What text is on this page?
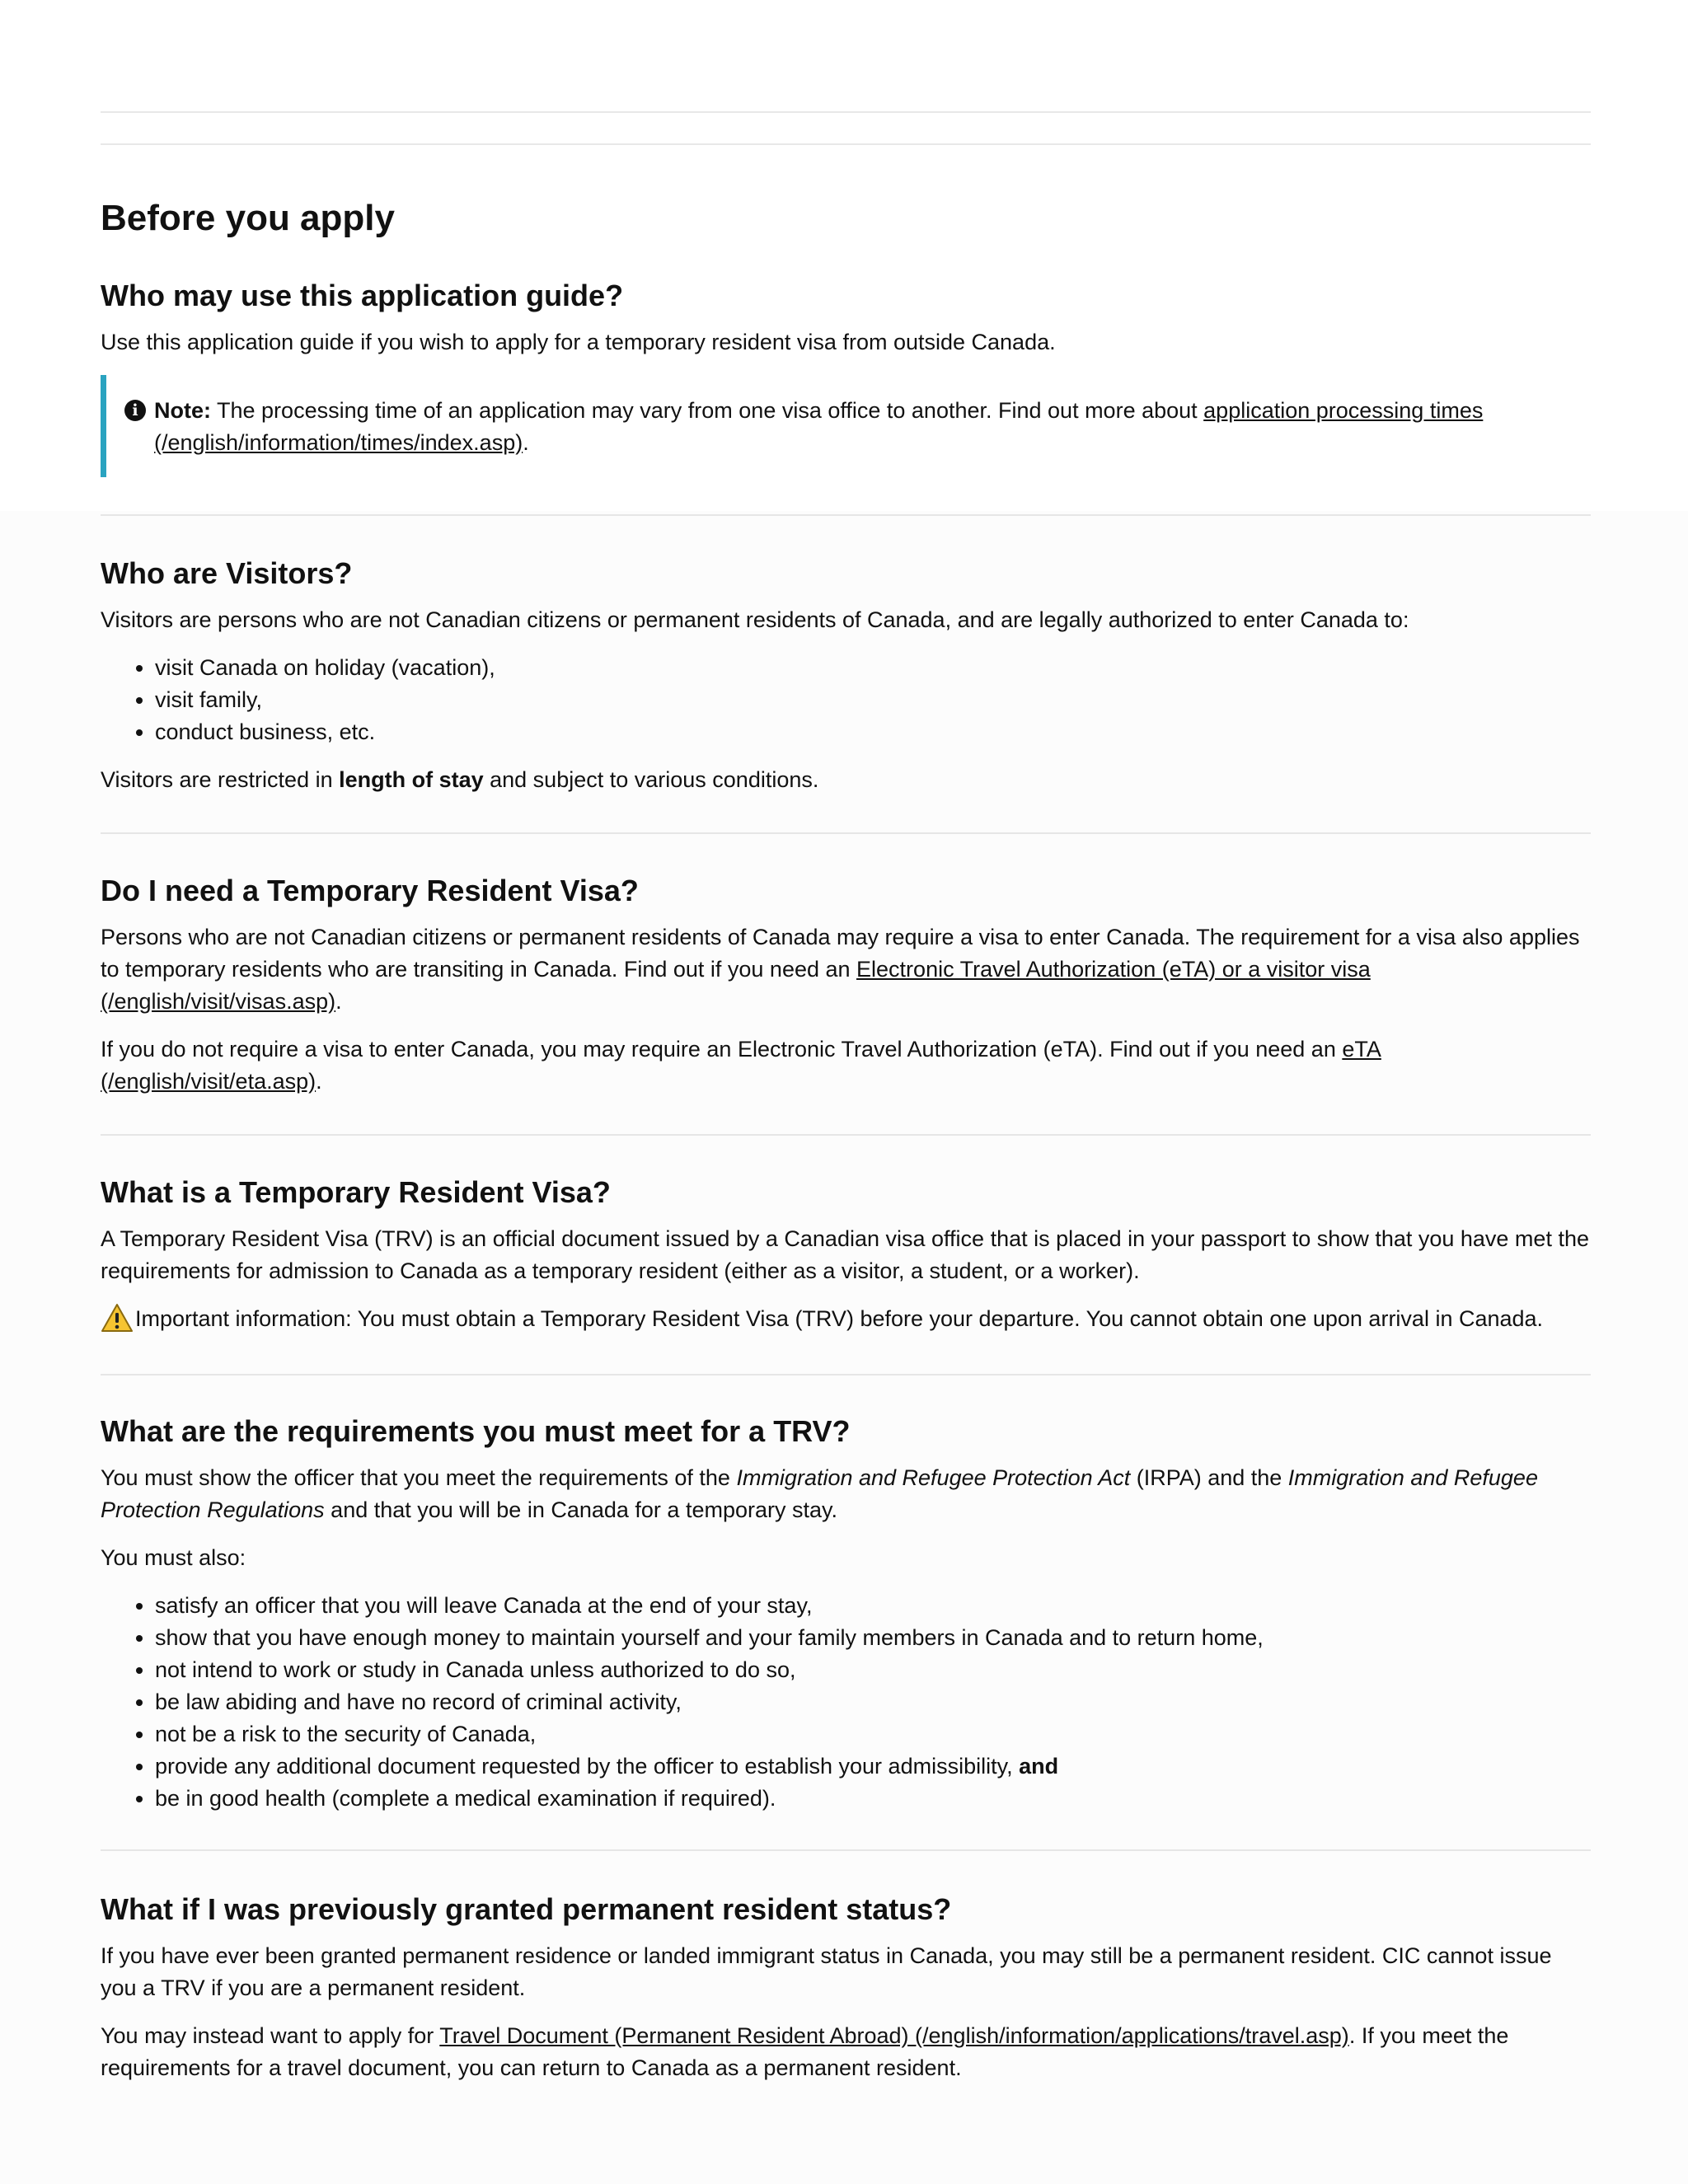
Before you apply
Who may use this application guide?

Use this application guide if you wish to apply for a temporary resident visa from outside Canada.

i Note: The processing time of an application may vary from one visa office to another. Find out more about application processing times (/english/information/times/index.asp).
Who are Visitors?

Visitors are persons who are not Canadian citizens or permanent residents of Canada, and are legally authorized to enter Canada to:

• visit Canada on holiday (vacation),
• visit family,
• conduct business, etc.

Visitors are restricted in length of stay and subject to various conditions.

Do I need a Temporary Resident Visa?

Persons who are not Canadian citizens or permanent residents of Canada may require a visa to enter Canada. The requirement for a visa also applies to temporary residents who are transiting in Canada. Find out if you need an Electronic Travel Authorization (eTA) or a visitor visa (/english/visit/visas.asp).

If you do not require a visa to enter Canada, you may require an Electronic Travel Authorization (eTA). Find out if you need an eTA (/english/visit/eta.asp).

What is a Temporary Resident Visa?

A Temporary Resident Visa (TRV) is an official document issued by a Canadian visa office that is placed in your passport to show that you have met the requirements for admission to Canada as a temporary resident (either as a visitor, a student, or a worker).

Important information: You must obtain a Temporary Resident Visa (TRV) before your departure. You cannot obtain one upon arrival in Canada.

What are the requirements you must meet for a TRV?

You must show the officer that you meet the requirements of the Immigration and Refugee Protection Act (IRPA) and the Immigration and Refugee Protection Regulations and that you will be in Canada for a temporary stay.

You must also:

• satisfy an officer that you will leave Canada at the end of your stay,
• show that you have enough money to maintain yourself and your family members in Canada and to return home,
• not intend to work or study in Canada unless authorized to do so,
• be law abiding and have no record of criminal activity,
• not be a risk to the security of Canada,
• provide any additional document requested by the officer to establish your admissibility, and
• be in good health (complete a medical examination if required).
What if I was previously granted permanent resident status?

If you have ever been granted permanent residence or landed immigrant status in Canada, you may still be a permanent resident. CIC cannot issue you a TRV if you are a permanent resident.

You may instead want to apply for Travel Document (Permanent Resident Abroad) (/english/information/applications/travel.asp). If you meet the requirements for a travel document, you can return to Canada as a permanent resident.
